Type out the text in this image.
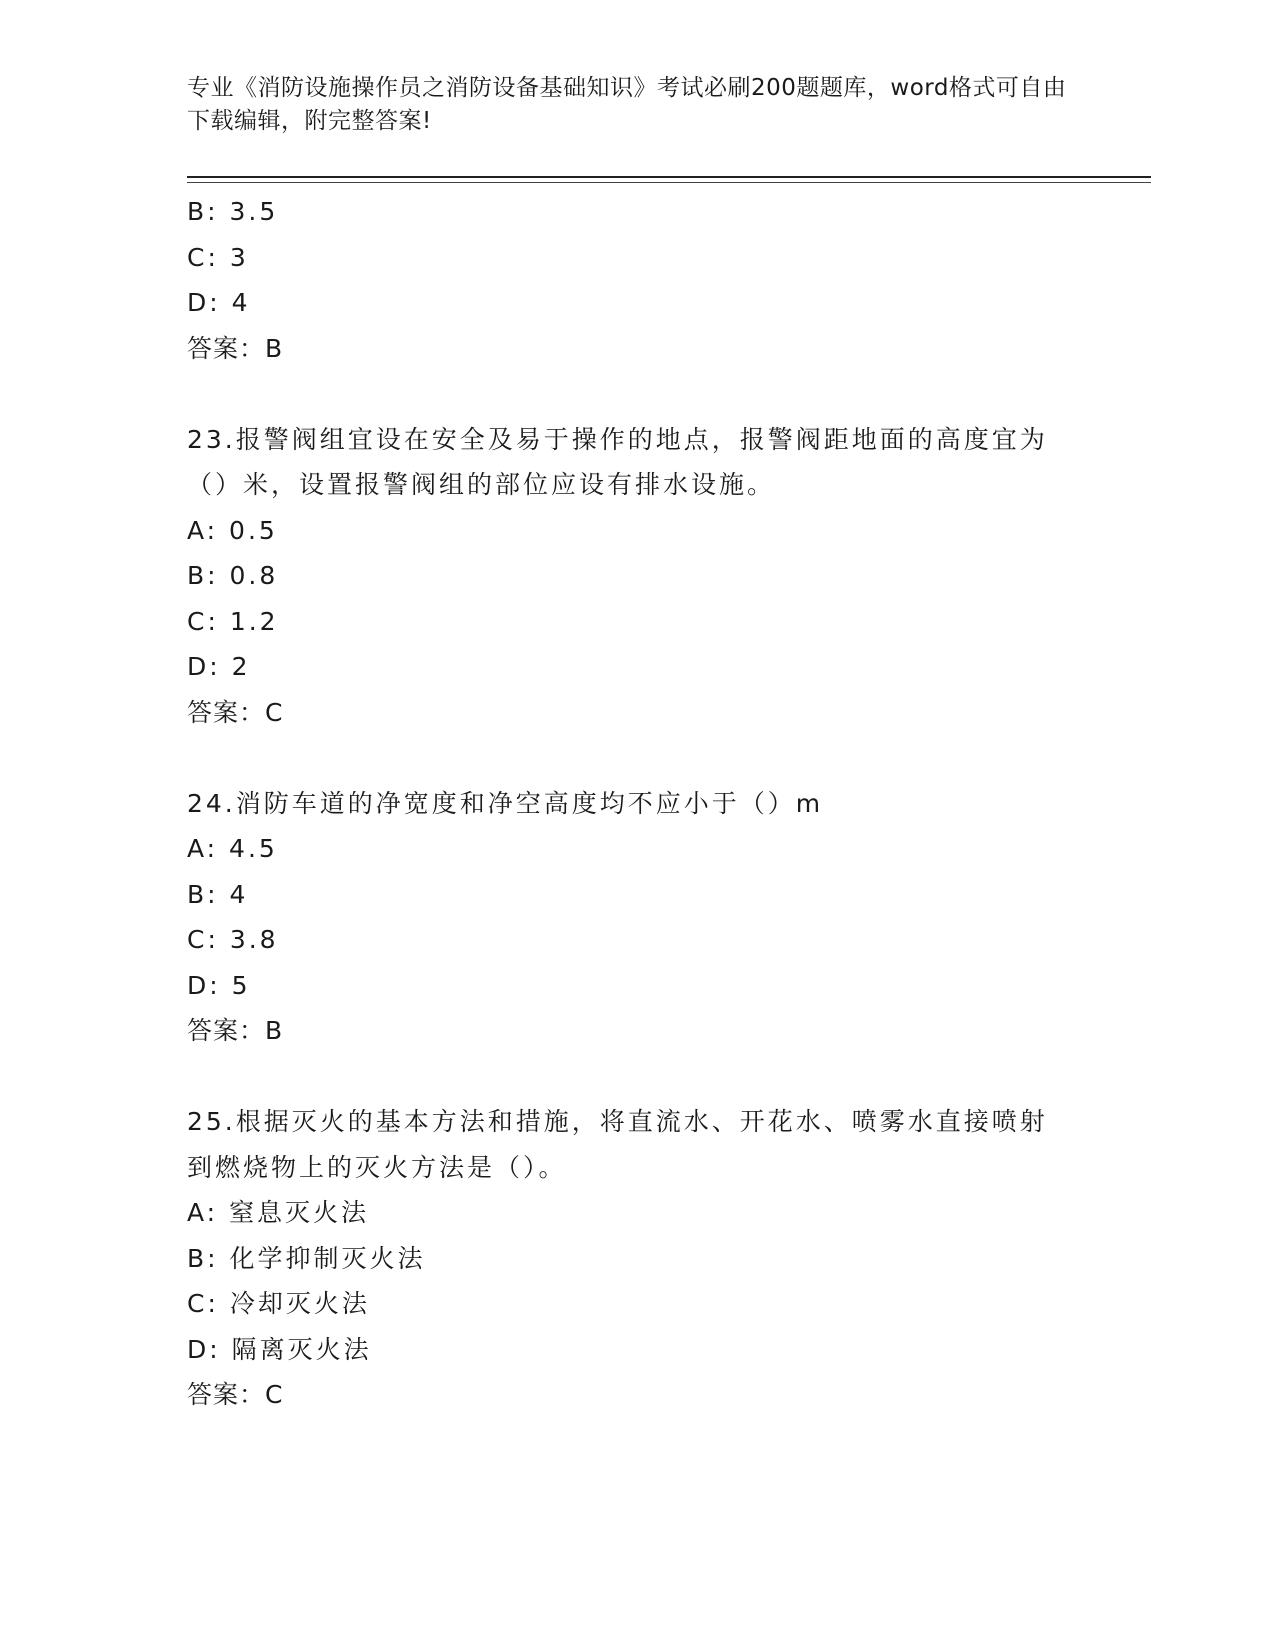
专业《消防设施操作员之消防设备基础知识》考试必刷200题题库，word格式可自由下载编辑，附完整答案!
B: 3.5
C: 3
D: 4
答案：B
23.报警阀组宜设在安全及易于操作的地点，报警阀距地面的高度宜为（）米，设置报警阀组的部位应设有排水设施。
A: 0.5
B: 0.8
C: 1.2
D: 2
答案：C
24.消防车道的净宽度和净空高度均不应小于（）m
A: 4.5
B: 4
C: 3.8
D: 5
答案：B
25.根据灭火的基本方法和措施，将直流水、开花水、喷雾水直接喷射到燃烧物上的灭火方法是（）。
A: 窒息灭火法
B: 化学抑制灭火法
C: 冷却灭火法
D: 隔离灭火法
答案：C
